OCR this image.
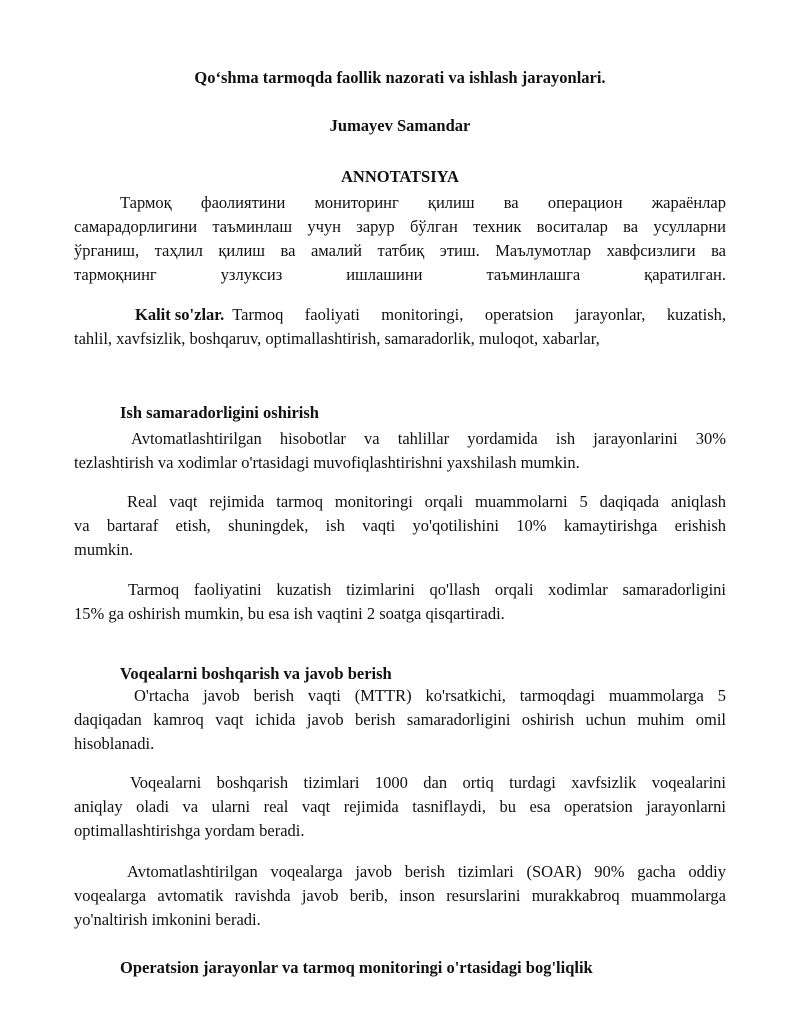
Qo‘shma tarmoqda faollik nazorati va ishlash jarayonlari.
Jumayev Samandar
ANNOTATSIYA
Тармоқ фаолиятини мониторинг қилиш ва операцион жараёнлар
самарадорлигини таъминлаш учун зарур бўлган техник воситалар ва усулларни
ўрганиш, таҳлил қилиш ва амалий татбиқ этиш. Маълумотлар хавфсизлиги ва
тармоқнинг узлуксиз ишлашини таъминлашга қаратилган.
Kalit so'zlar. Tarmoq faoliyati monitoringi, operatsion jarayonlar, kuzatish,
tahlil, xavfsizlik, boshqaruv, optimallashtirish, samaradorlik, muloqot, xabarlar,
Ish samaradorligini oshirish
Avtomatlashtirilgan hisobotlar va tahlillar yordamida ish jarayonlarini 30%
tezlashtirish va xodimlar o'rtasidagi muvofiqlashtirishni yaxshilash mumkin.
Real vaqt rejimida tarmoq monitoringi orqali muammolarni 5 daqiqada aniqlash
va bartaraf etish, shuningdek, ish vaqti yo'qotilishini 10% kamaytirishga erishish
mumkin.
Tarmoq faoliyatini kuzatish tizimlarini qo'llash orqali xodimlar samaradorligini
15% ga oshirish mumkin, bu esa ish vaqtini 2 soatga qisqartiradi.
Voqealarni boshqarish va javob berish
O'rtacha javob berish vaqti (MTTR) ko'rsatkichi, tarmoqdagi muammolarga 5
daqiqadan kamroq vaqt ichida javob berish samaradorligini oshirish uchun muhim omil
hisoblanadi.
Voqealarni boshqarish tizimlari 1000 dan ortiq turdagi xavfsizlik voqealarini
aniqlay oladi va ularni real vaqt rejimida tasniflaydi, bu esa operatsion jarayonlarni
optimallashtirishga yordam beradi.
Avtomatlashtirilgan voqealarga javob berish tizimlari (SOAR) 90% gacha oddiy
voqealarga avtomatik ravishda javob berib, inson resurslarini murakkabroq muammolarga
yo'naltirish imkonini beradi.
Operatsion jarayonlar va tarmoq monitoringi o'rtasidagi bog'liqlik
